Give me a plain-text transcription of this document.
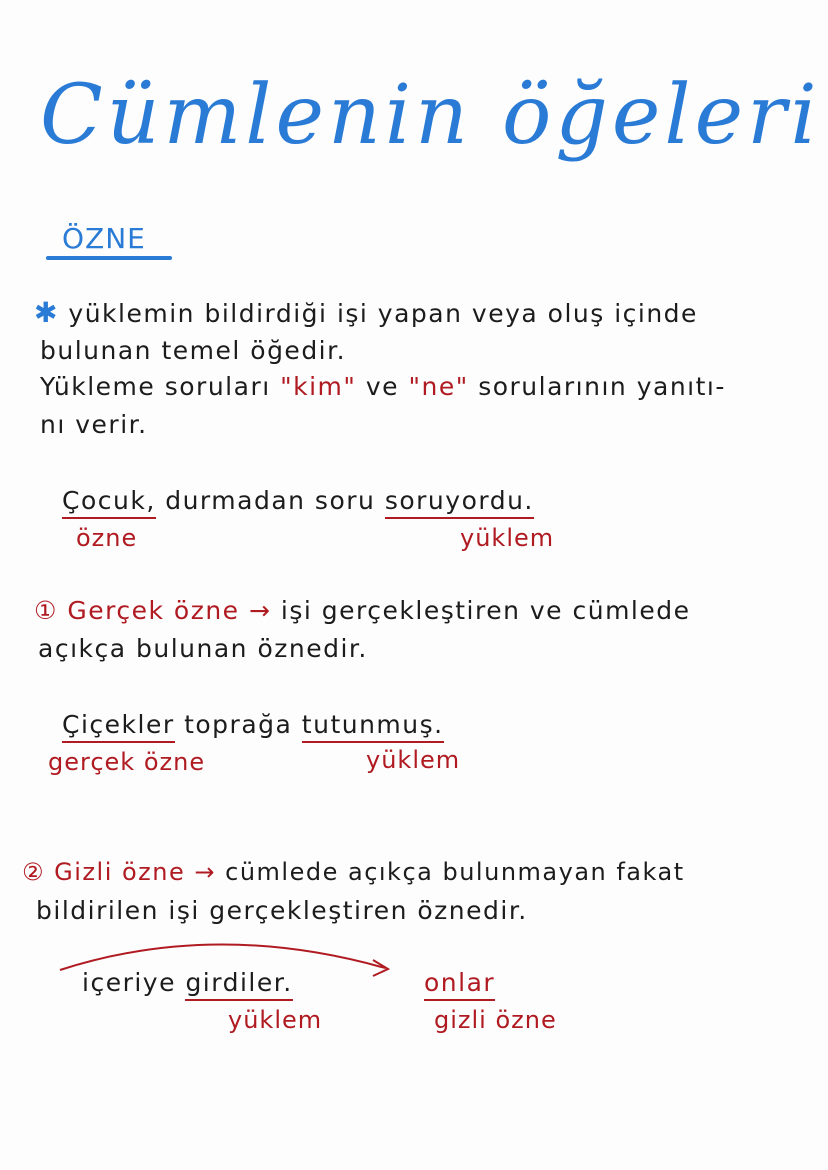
Cümlenin öğeleri
ÖZNE
✱ yüklemin bildirdiği işi yapan veya oluş içinde
bulunan temel öğedir.
Yükleme soruları "kim" ve "ne" sorularının yanıtı-
nı verir.
Çocuk, durmadan soru soruyordu.
özne	yüklem
① Gerçek özne → işi gerçekleştiren ve cümlede
açıkça bulunan öznedir.
Çiçekler toprağa tutunmuş.
gerçek özne	yüklem
② Gizli özne → cümlede açıkça bulunmayan fakat
bildirilen işi gerçekleştiren öznedir.
içeriye girdiler.	onlar
yüklem	gizli özne
